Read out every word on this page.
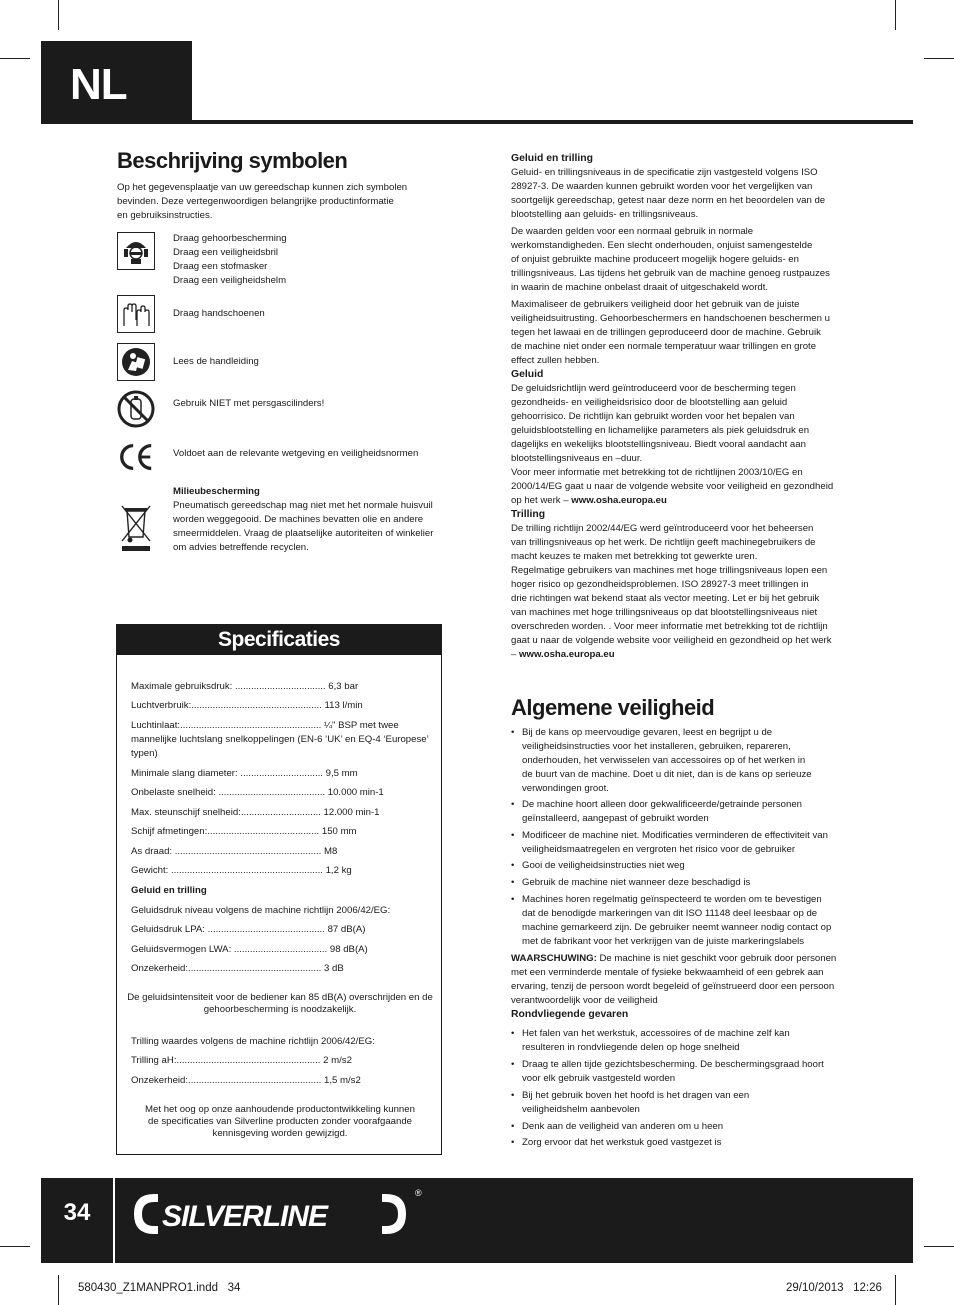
NL
Beschrijving symbolen
Op het gegevensplaatje van uw gereedschap kunnen zich symbolen
bevinden. Deze vertegenwoordigen belangrijke productinformatie
en gebruiksinstructies.
Draag gehoorbescherming
Draag een veiligheidsbril
Draag een stofmasker
Draag een veiligheidshelm
Draag handschoenen
Lees de handleiding
Gebruik NIET met persgascilinders!
Voldoet aan de relevante wetgeving en veiligheidsnormen
Milieubescherming
Pneumatisch gereedschap mag niet met het normale huisvuil
worden weggegooid. De machines bevatten olie en andere
smeermiddelen. Vraag de plaatselijke autoriteiten of winkelier
om advies betreffende recyclen.
Specificaties
Maximale gebruiksdruk: .................................. 6,3 bar
Luchtverbruik:................................................. 113 l/min
Luchtinlaat:..................................................... ¼" BSP met twee
mannelijke luchtslang snelkoppelingen (EN-6 ‘UK’ en EQ-4 ‘Europese’
typen)
Minimale slang diameter: ............................... 9,5 mm
Onbelaste snelheid: ........................................ 10.000 min-1
Max. steunschijf snelheid:.............................. 12.000 min-1
Schijf afmetingen:.......................................... 150 mm
As draad: ....................................................... M8
Gewicht: ......................................................... 1,2 kg
Geluid en trilling
Geluidsdruk niveau volgens de machine richtlijn 2006/42/EG:
Geluidsdruk LPA: ............................................ 87 dB(A)
Geluidsvermogen LWA: ................................... 98 dB(A)
Onzekerheid:.................................................. 3 dB
De geluidsintensiteit voor de bediener kan 85 dB(A) overschrijden en de
gehoorbescherming is noodzakelijk.
Trilling waardes volgens de machine richtlijn 2006/42/EG:
Trilling aH:...................................................... 2 m/s2
Onzekerheid:.................................................. 1,5 m/s2
Met het oog op onze aanhoudende productontwikkeling kunnen
de specificaties van Silverline producten zonder voorafgaande
kennisgeving worden gewijzigd.
Geluid en trilling
Geluid- en trillingsniveaus in de specificatie zijn vastgesteld volgens ISO
28927-3. De waarden kunnen gebruikt worden voor het vergelijken van
soortgelijk gereedschap, getest naar deze norm en het beoordelen van de
blootstelling aan geluids- en trillingsniveaus.
De waarden gelden voor een normaal gebruik in normale
werkomstandigheden. Een slecht onderhouden, onjuist samengestelde
of onjuist gebruikte machine produceert mogelijk hogere geluids- en
trillingsniveaus. Las tijdens het gebruik van de machine genoeg rustpauzes
in waarin de machine onbelast draait of uitgeschakeld wordt.
Maximaliseer de gebruikers veiligheid door het gebruik van de juiste
veiligheidsuitrusting. Gehoorbeschermers en handschoenen beschermen u
tegen het lawaai en de trillingen geproduceerd door de machine. Gebruik
de machine niet onder een normale temperatuur waar trillingen en grote
effect zullen hebben.
Geluid
De geluidsrichtlijn werd geïntroduceerd voor de bescherming tegen
gezondheids- en veiligheidsrisico door de blootstelling aan geluid
gehoorrisico. De richtlijn kan gebruikt worden voor het bepalen van
geluidsblootstelling en lichamelijke parameters als piek geluidsdruk en
dagelijks en wekelijks blootstellingsniveau. Biedt vooral aandacht aan
blootstellingsniveaus en –duur.
Voor meer informatie met betrekking tot de richtlijnen 2003/10/EG en
2000/14/EG gaat u naar de volgende website voor veiligheid en gezondheid
op het werk – www.osha.europa.eu
Trilling
De trilling richtlijn 2002/44/EG werd geïntroduceerd voor het beheersen
van trillingsniveaus op het werk. De richtlijn geeft machinegebruikers de
macht keuzes te maken met betrekking tot gewerkte uren.
Regelmatige gebruikers van machines met hoge trillingsniveaus lopen een
hoger risico op gezondheidsproblemen. ISO 28927-3 meet trillingen in
drie richtingen wat bekend staat als vector meeting. Let er bij het gebruik
van machines met hoge trillingsniveaus op dat blootstellingsniveaus niet
overschreden worden. . Voor meer informatie met betrekking tot de richtlijn
gaat u naar de volgende website voor veiligheid en gezondheid op het werk
– www.osha.europa.eu
Algemene veiligheid
• Bij de kans op meervoudige gevaren, leest en begrijpt u de
veiligheidsinstructies voor het installeren, gebruiken, repareren,
onderhouden, het verwisselen van accessoires op of het werken in
de buurt van de machine. Doet u dit niet, dan is de kans op serieuze
verwondingen groot.
• De machine hoort alleen door gekwalificeerde/getrainde personen
geïnstalleerd, aangepast of gebruikt worden
• Modificeer de machine niet. Modificaties verminderen de effectiviteit van
veiligheidsmaatregelen en vergroten het risico voor de gebruiker
• Gooi de veiligheidsinstructies niet weg
• Gebruik de machine niet wanneer deze beschadigd is
• Machines horen regelmatig geïnspecteerd te worden om te bevestigen
dat de benodigde markeringen van dit ISO 11148 deel leesbaar op de
machine gemarkeerd zijn. De gebruiker neemt wanneer nodig contact op
met de fabrikant voor het verkrijgen van de juiste markeringslabels
WAARSCHUWING: De machine is niet geschikt voor gebruik door personen
met een verminderde mentale of fysieke bekwaamheid of een gebrek aan
ervaring, tenzij de persoon wordt begeleid of geïnstrueerd door een persoon
verantwoordelijk voor de veiligheid
Rondvliegende gevaren
• Het falen van het werkstuk, accessoires of de machine zelf kan
resulteren in rondvliegende delen op hoge snelheid
• Draag te allen tijde gezichtsbescherming. De beschermingsgraad hoort
voor elk gebruik vastgesteld worden
• Bij het gebruik boven het hoofd is het dragen van een
veiligheidshelm aanbevolen
• Denk aan de veiligheid van anderen om u heen
• Zorg ervoor dat het werkstuk goed vastgezet is
34	SILVERLINE
®
580430_Z1MANPRO1.indd   34	29/10/2013   12:26
